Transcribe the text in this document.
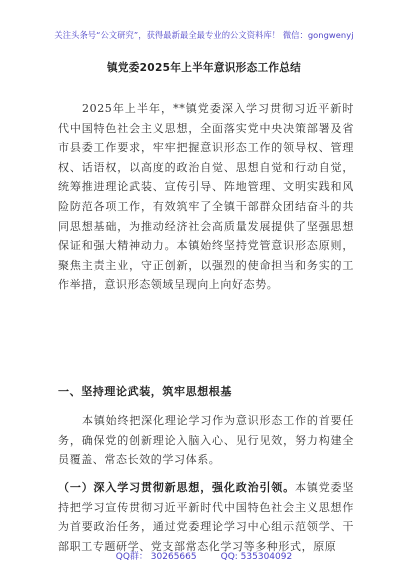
关注头条号“公文研究”，获得最新最全最专业的公文资料库！ 微信：gongwenyj
镇党委2025年上半年意识形态工作总结
2025年上半年，**镇党委深入学习贯彻习近平新时代中国特色社会主义思想，全面落实党中央决策部署及省市县委工作要求，牢牢把握意识形态工作的领导权、管理权、话语权，以高度的政治自觉、思想自觉和行动自觉，统筹推进理论武装、宣传引导、阵地管理、文明实践和风险防范各项工作，有效筑牢了全镇干部群众团结奋斗的共同思想基础，为推动经济社会高质量发展提供了坚强思想保证和强大精神动力。本镇始终坚持党管意识形态原则，聚焦主责主业，守正创新，以强烈的使命担当和务实的工作举措，意识形态领域呈现向上向好态势。
一、坚持理论武装，筑牢思想根基
本镇始终把深化理论学习作为意识形态工作的首要任务，确保党的创新理论入脑入心、见行见效，努力构建全员覆盖、常态长效的学习体系。
（一）深入学习贯彻新思想，强化政治引领。本镇党委坚持把学习宣传贯彻习近平新时代中国特色社会主义思想作为首要政治任务，通过党委理论学习中心组示范领学、干部职工专题研学、党支部常态化学习等多种形式，原原
QQ群： 30265665	QQ: 535304092
